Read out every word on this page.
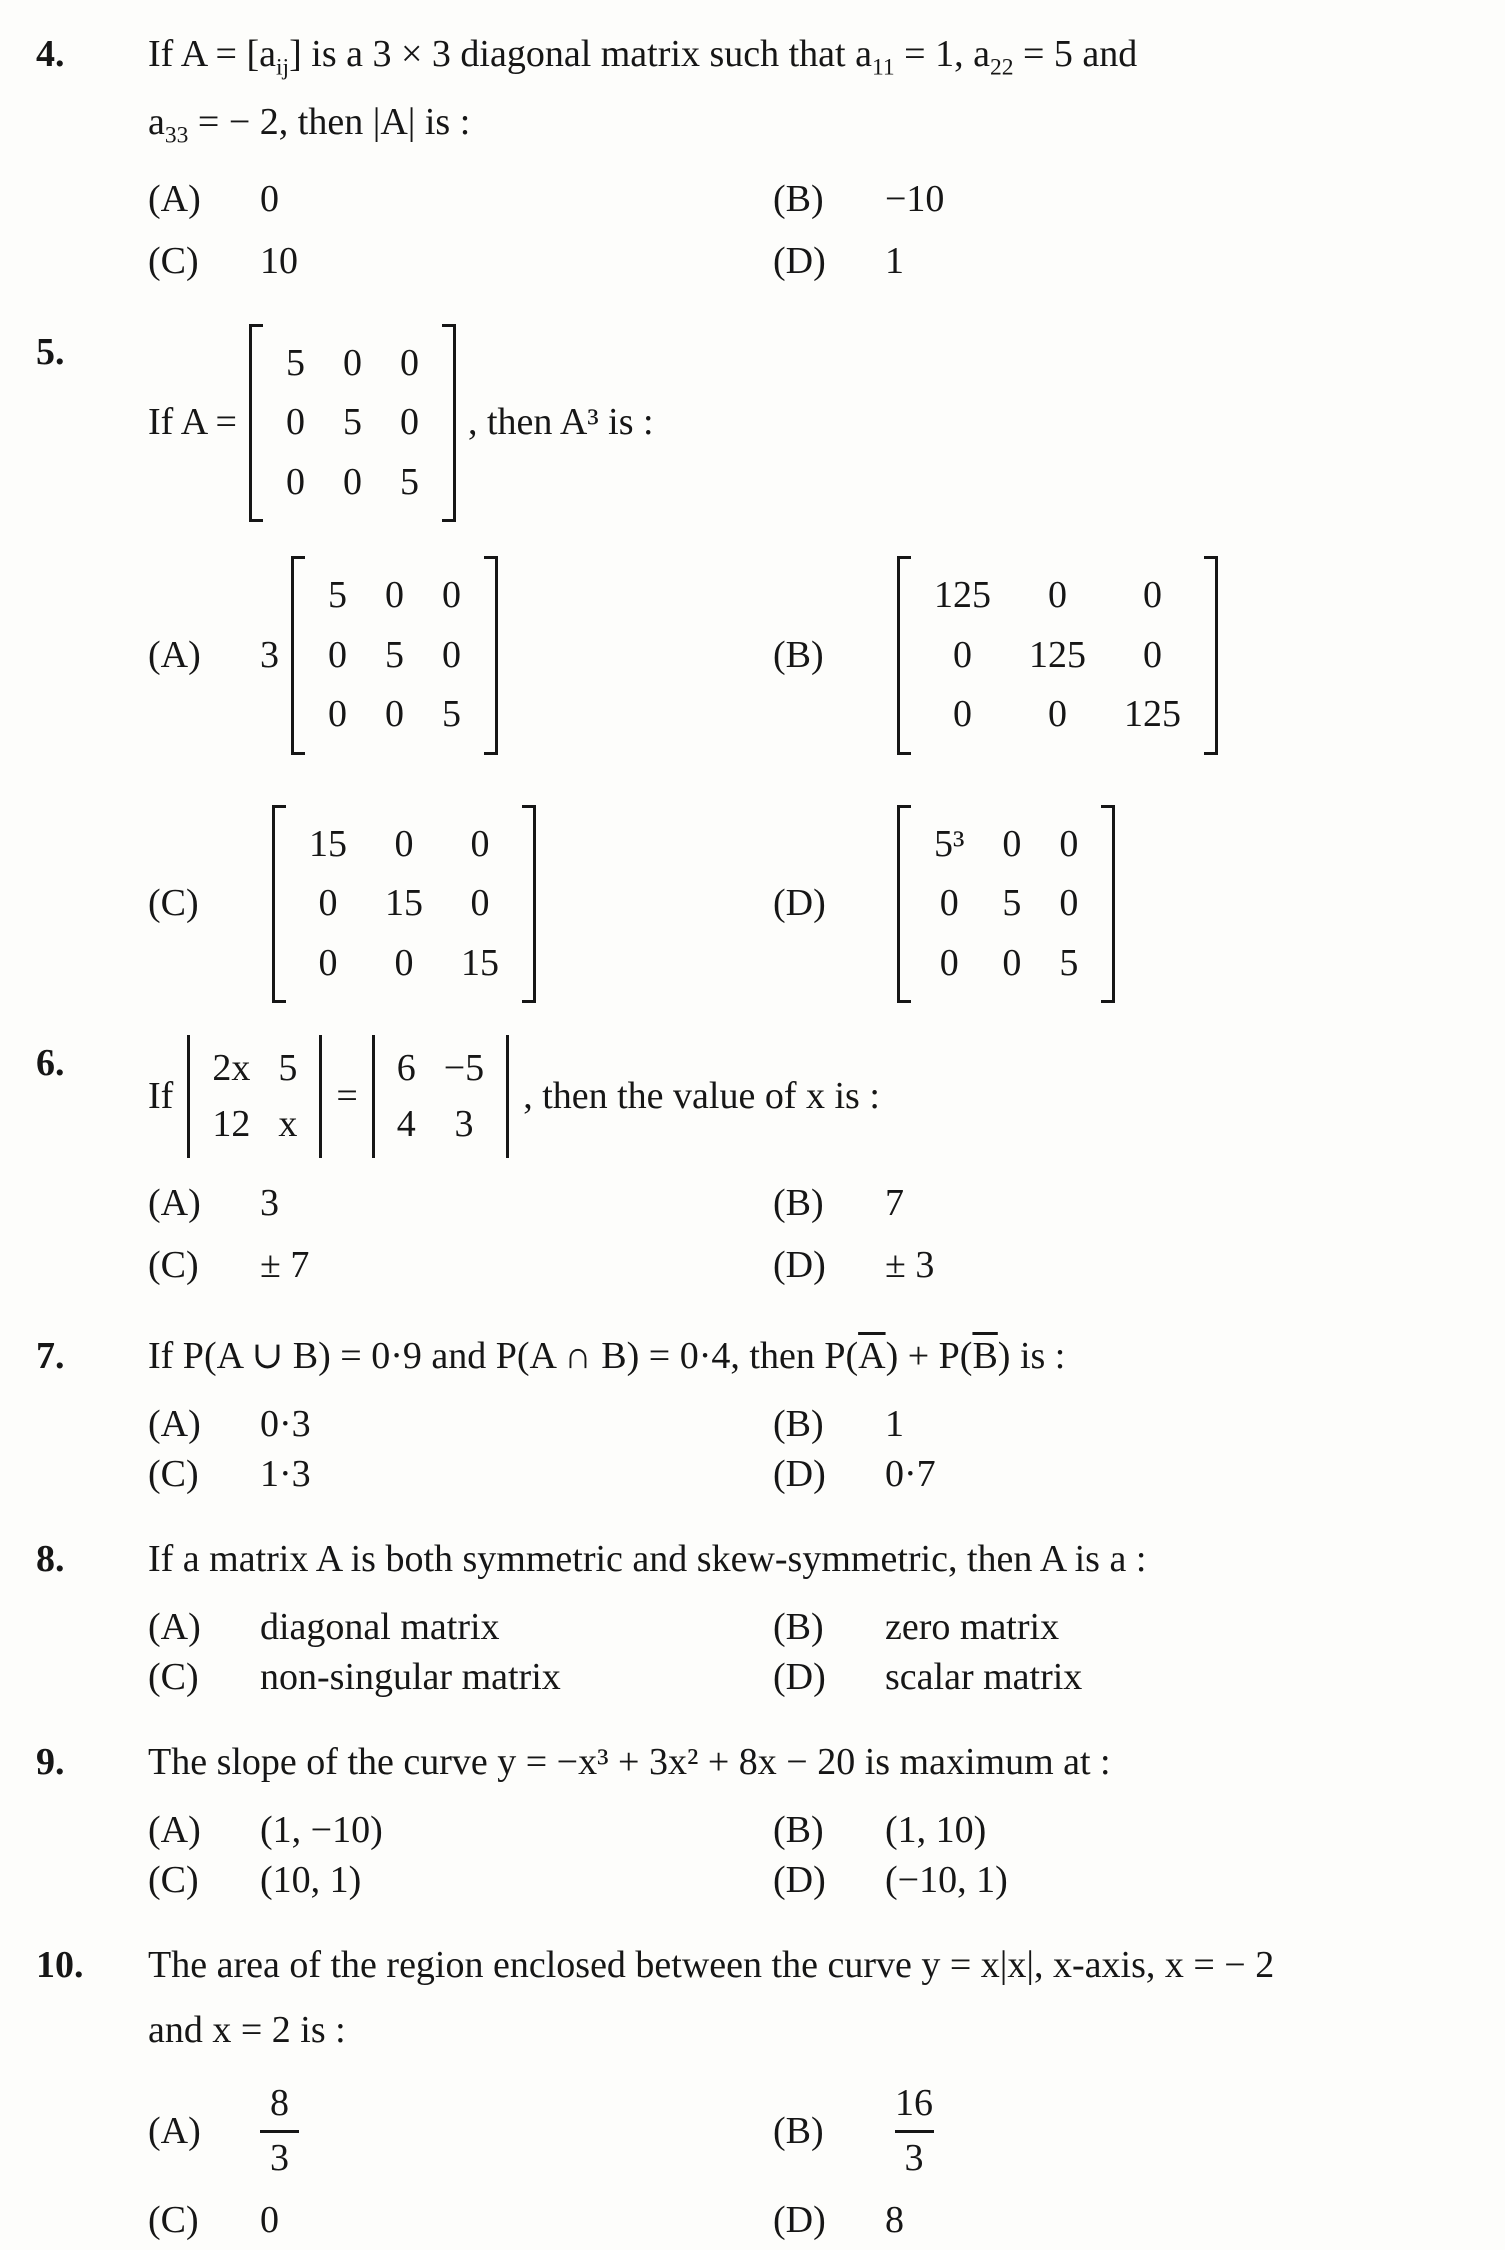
4.	If $A = [a_{ij}]$ is a 3 × 3 diagonal matrix such that $a_{11} = 1$, $a_{22} = 5$ and

$a_{33}$ = − 2, then |A| is :

(A)	0	(B)	−10
(C)	10	(D)	1
5.
If A =
5	0	0
0	5	0
0	0	5
, then A³ is :
(A)	3
5	0	0
0	5	0
0	0	5
(B)
125	0	0
0	125	0
0	0	125
(C)
15	0	0
0	15	0
0	0	15
(D)
5³	0	0
0	5	0
0	0	5
6.
If
2x 5
12 x
=
6 −5
4	3
, then the value of x is :
(A)	3	(B)	7
(C)	± 7	(D)	± 3
7.	If P(A ∪ B) = 0·9 and P(A ∩ B) = 0·4, then $P(\overline{A}) + P(\overline{B})$ is :

(A)	0·3	(B)	1
(C)	1·3	(D)	0·7
8.	If a matrix A is both symmetric and skew-symmetric, then A is a :

(A)	diagonal matrix	(B)	zero matrix
(C)	non-singular matrix	(D)	scalar matrix
9.	The slope of the curve y = −x³ + 3x² + 8x − 20 is maximum at :

(A)	(1, −10)	(B)	(1, 10)
(C)	(10, 1)	(D)	(−10, 1)
10.	The area of the region enclosed between the curve y = x|x|, x-axis, x = − 2

and x = 2 is :

(A)	$\frac{8}{3}$	(B)	$\frac{16}{3}$
(C)	0	(D)	8
